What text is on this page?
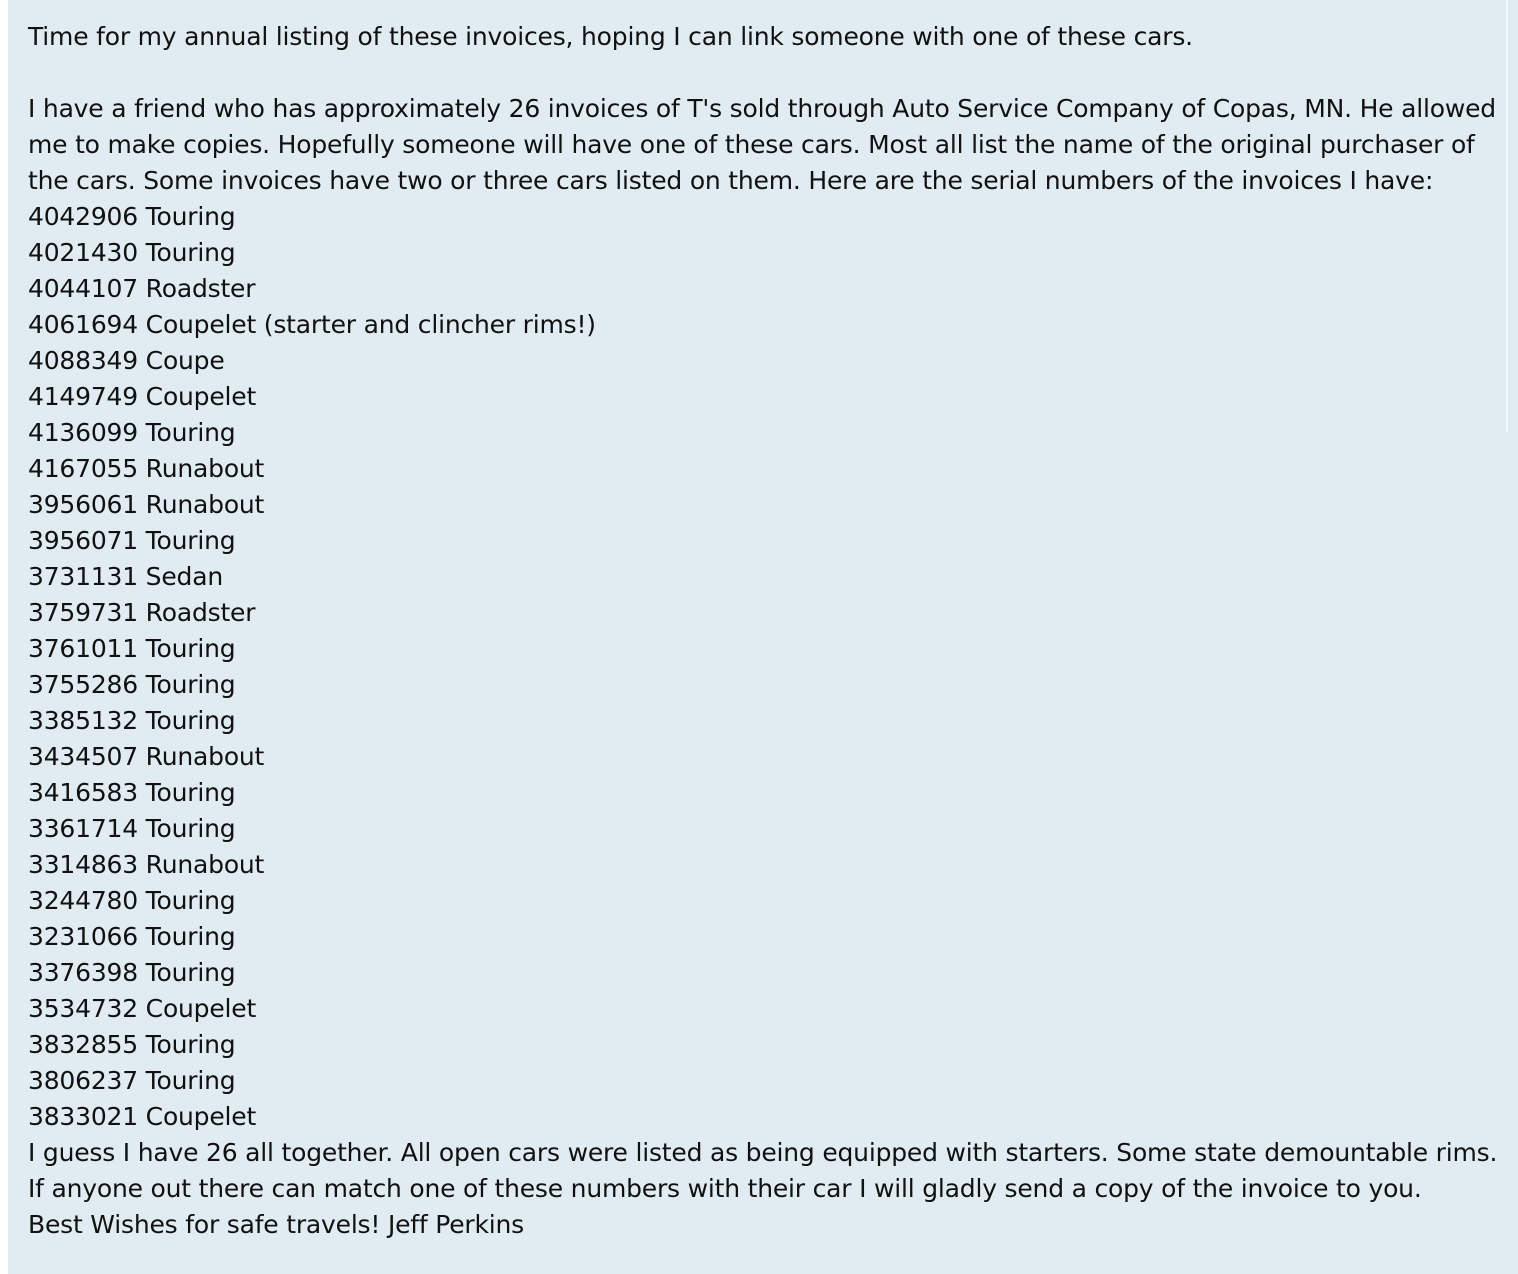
Time for my annual listing of these invoices, hoping I can link someone with one of these cars.

I have a friend who has approximately 26 invoices of T's sold through Auto Service Company of Copas, MN. He allowed me to make copies. Hopefully someone will have one of these cars. Most all list the name of the original purchaser of the cars. Some invoices have two or three cars listed on them. Here are the serial numbers of the invoices I have:

4042906 Touring
4021430 Touring
4044107 Roadster
4061694 Coupelet (starter and clincher rims!)
4088349 Coupe
4149749 Coupelet
4136099 Touring
4167055 Runabout
3956061 Runabout
3956071 Touring
3731131 Sedan
3759731 Roadster
3761011 Touring
3755286 Touring
3385132 Touring
3434507 Runabout
3416583 Touring
3361714 Touring
3314863 Runabout
3244780 Touring
3231066 Touring
3376398 Touring
3534732 Coupelet
3832855 Touring
3806237 Touring
3833021 Coupelet

I guess I have 26 all together. All open cars were listed as being equipped with starters. Some state demountable rims. If anyone out there can match one of these numbers with their car I will gladly send a copy of the invoice to you.

Best Wishes for safe travels! Jeff Perkins
